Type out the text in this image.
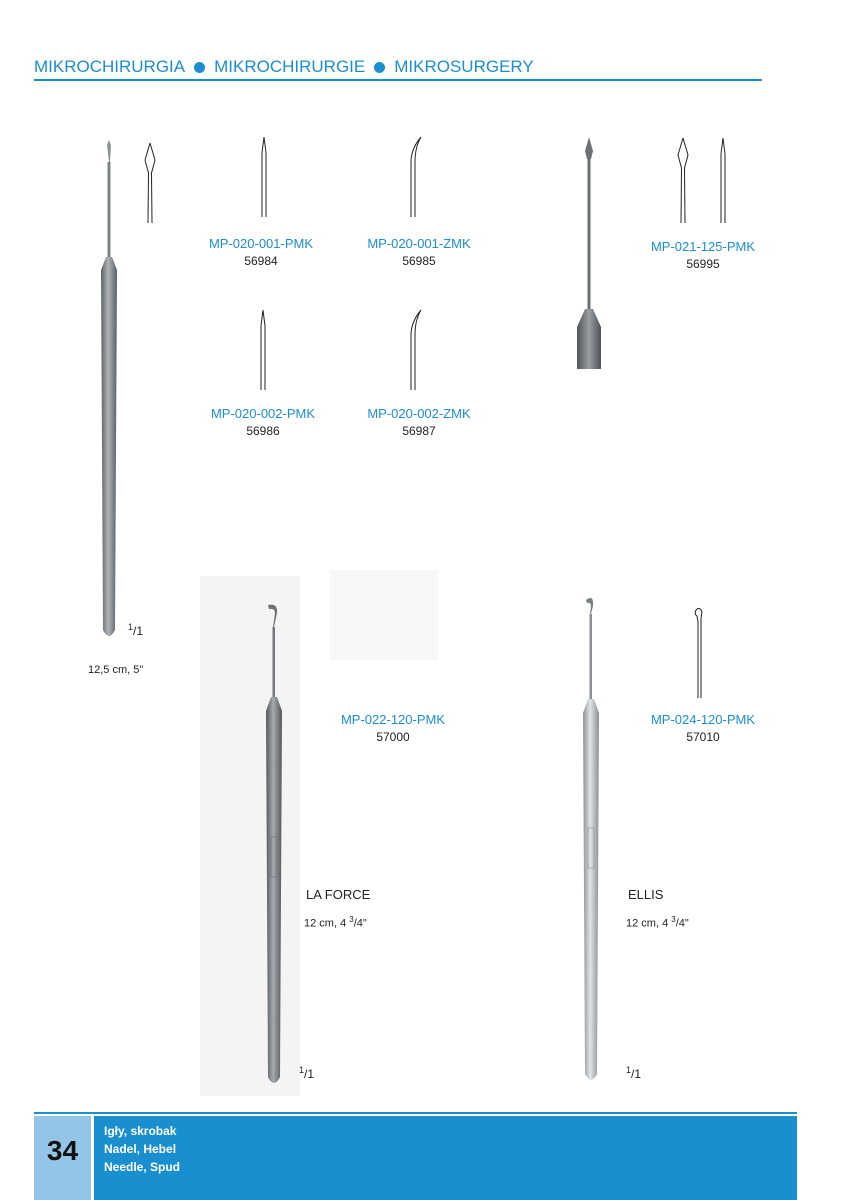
MIKROCHIRURGIA MIKROCHIRURGIE MIKROSURGERY
MP-020-001-PMK
56984
MP-020-001-ZMK
56985
MP-021-125-PMK
56995
MP-020-002-PMK
56986
MP-020-002-ZMK
56987
MP-022-120-PMK
57000
MP-024-120-PMK
57010
$^1$/1
12,5 cm, 5"
LA FORCE
12 cm, 4 $^3$/4"
$^1$/1
ELLIS
12 cm, 4 $^3$/4"
$^1$/1
34
Igły, skrobak
Nadel, Hebel
Needle, Spud
